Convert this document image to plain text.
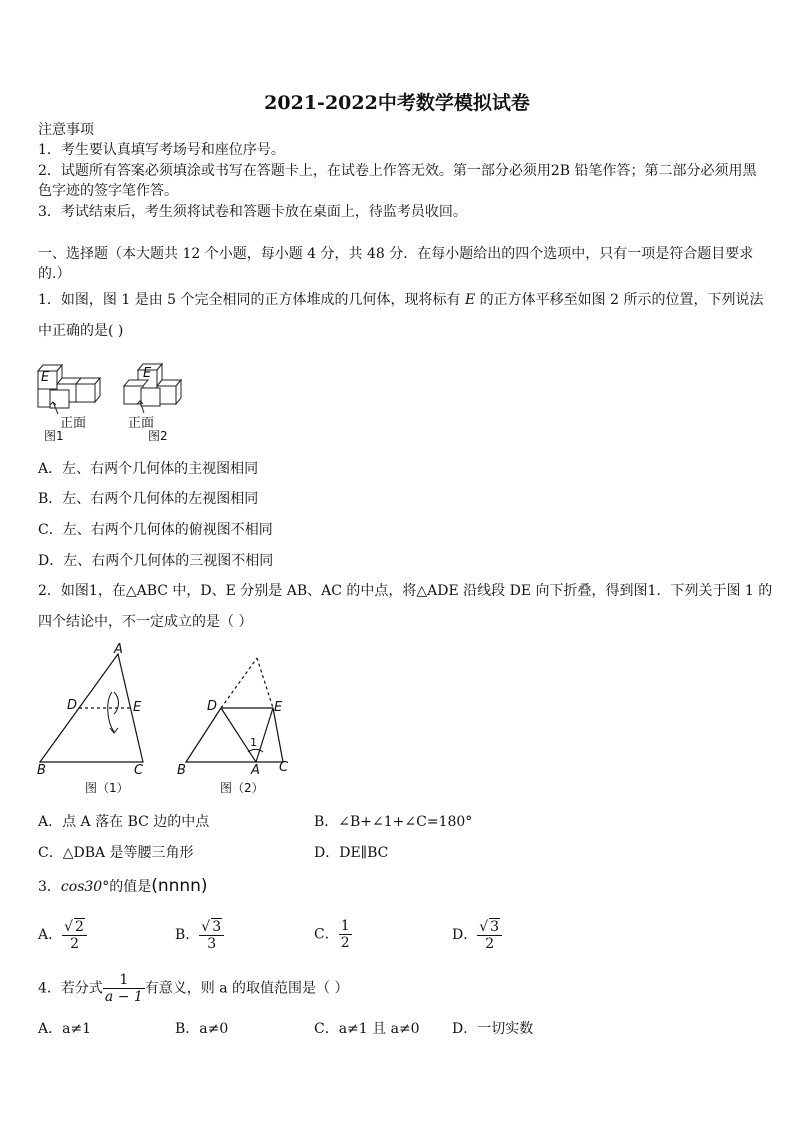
2021-2022中考数学模拟试卷
注意事项
1．考生要认真填写考场号和座位序号。
2．试题所有答案必须填涂或书写在答题卡上，在试卷上作答无效。第一部分必须用2B 铅笔作答；第二部分必须用黑
色字迹的签字笔作答。
3．考试结束后，考生须将试卷和答题卡放在桌面上，待监考员收回。
一、选择题（本大题共 12 个小题，每小题 4 分，共 48 分．在每小题给出的四个选项中，只有一项是符合题目要求
的.）
1．如图，图 1 是由 5 个完全相同的正方体堆成的几何体，现将标有 E 的正方体平移至如图 2 所示的位置，下列说法
中正确的是( )
E
正面
图1
E
正面
图2
A．左、右两个几何体的主视图相同
B．左、右两个几何体的左视图相同
C．左、右两个几何体的俯视图不相同
D．左、右两个几何体的三视图不相同
2．如图1，在△ABC 中，D、E 分别是 AB、AC 的中点，将△ADE 沿线段 DE 向下折叠，得到图1．下列关于图 1 的
四个结论中，不一定成立的是（ ）
A
D	E
B	C
图（1）
D	E
1
B	A C
图（2）
A．点 A 落在 BC 边的中点	B．∠B+∠1+∠C=180°
C．△DBA 是等腰三角形	D．DE∥BC
3．cos30°的值是(nnnn)
A． $\frac{√ 2}{2}$	B． $\frac{√ 3}{3}$	C． $\frac{1}{2}$	D． $\frac{√ 3}{2}$
4．若分式 $\frac{1}{a - 1}$ 有意义，则 a 的取值范围是（ ）
A．a≠1	B．a≠0	C．a≠1 且 a≠0 D．一切实数
